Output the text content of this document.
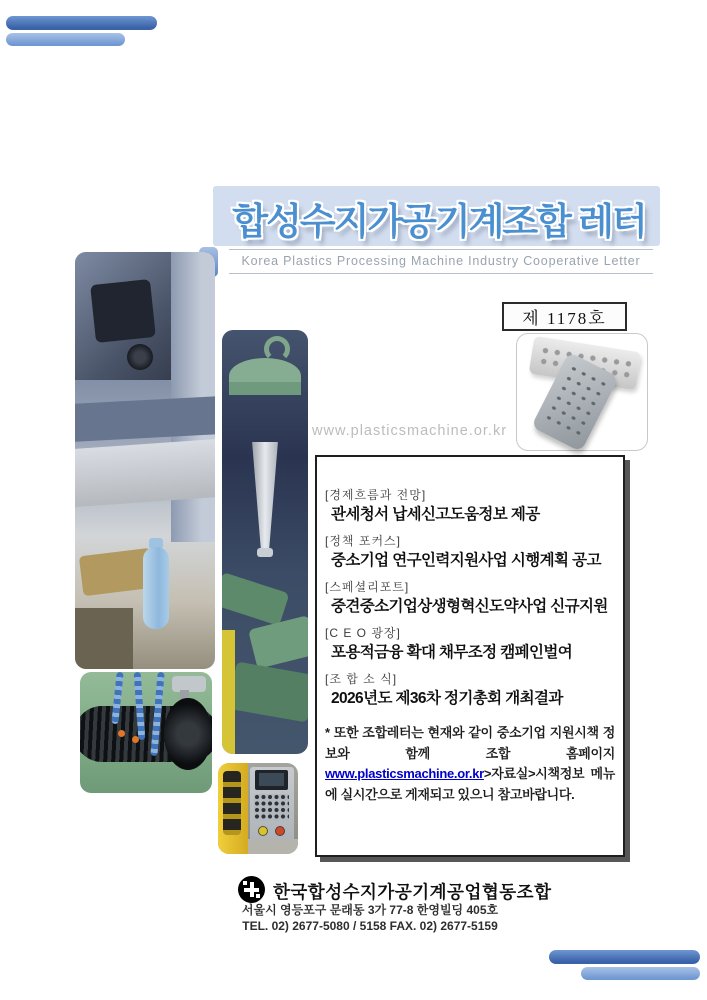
합성수지가공기계조합 레터
Korea Plastics Processing Machine Industry Cooperative Letter
제 1178호
www.plasticsmachine.or.kr
[경제흐름과 전망]
관세청서 납세신고도움정보 제공
[정책 포커스]
중소기업 연구인력지원사업 시행계획 공고
[스페셜리포트]
중견중소기업상생형혁신도약사업 신규지원
[C E O 광장]
포용적금융 확대 채무조정 캠페인벌여
[조 합 소 식]
2026년도 제36차 정기총회 개최결과
* 또한 조합레터는 현재와 같이 중소기업 지원시책 정보와 함께 조합 홈페이지www.plasticsmachine.or.kr>자료실>시책정보 메뉴에 실시간으로 게재되고 있으니 참고바랍니다.
한국합성수지가공기계공업협동조합
서울시 영등포구 문래동 3가 77-8 한영빌딩 405호
TEL. 02) 2677-5080 / 5158 FAX. 02) 2677-5159
